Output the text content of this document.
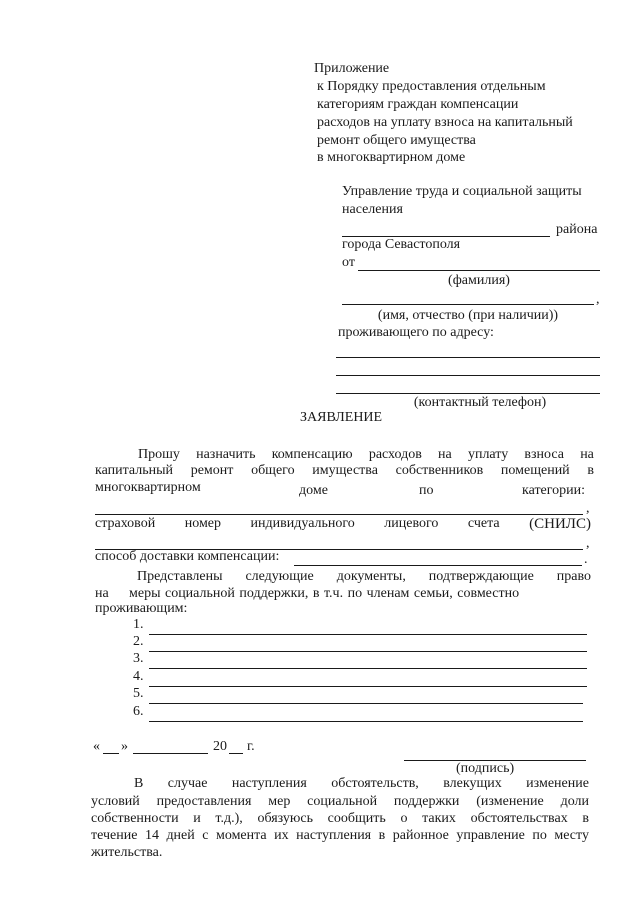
Приложение
к Порядку предоставления отдельным
категориям граждан компенсации
расходов на уплату взноса на капитальный
ремонт общего имущества
в многоквартирном доме
Управление труда и социальной защиты
населения
района
города Севастополя
от
(фамилия)
,
(имя, отчество (при наличии))
проживающего по адресу:
(контактный телефон)
ЗАЯВЛЕНИЕ
Прошу назначить компенсацию расходов на уплату взноса на
капитальный ремонт общего имущества собственников помещений в
многоквартирном	доме	по	категории:
,
страховой номер индивидуального лицевого счета (СНИЛС)
,
способ доставки компенсации:	.
Представлены следующие документы, подтверждающие право
на меры социальной поддержки, в т.ч. по членам семьи, совместно
проживающим:
1.
2.
3.
4.
5.
6.
« »	20 г.
(подпись)
В случае наступления обстоятельств, влекущих изменение
условий предоставления мер социальной поддержки (изменение доли
собственности и т.д.), обязуюсь сообщить о таких обстоятельствах в
течение 14 дней с момента их наступления в районное управление по месту
жительства.
